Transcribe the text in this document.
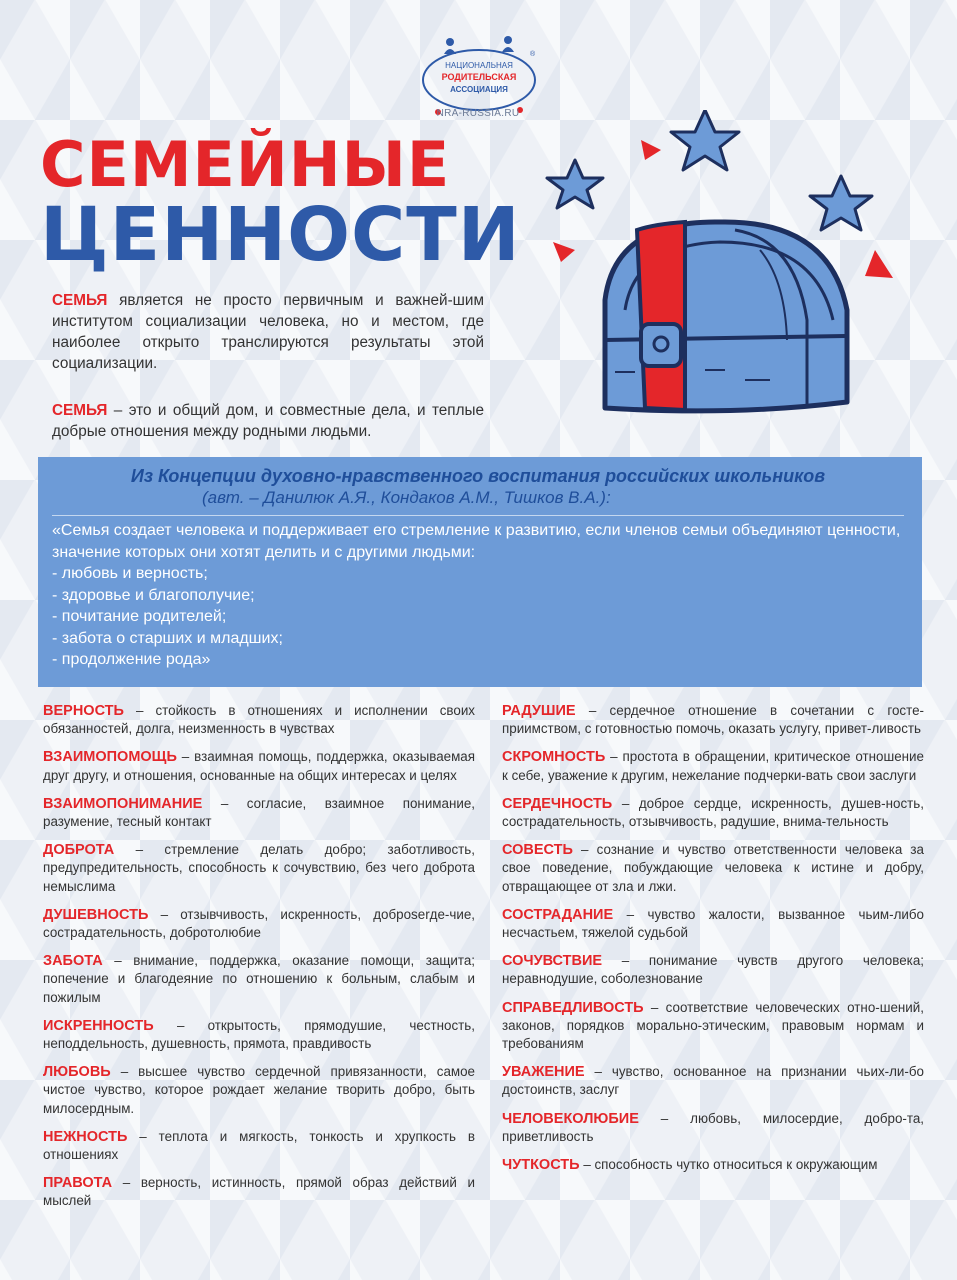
НАЦИОНАЛЬНАЯ
РОДИТЕЛЬСКАЯ
АССОЦИАЦИЯ
®
NRA-RUSSIA.RU
СЕМЕЙНЫЕ
ЦЕННОСТИ

СЕМЬЯ является не просто первичным и важней-шим институтом социализации человека, но и местом, где наиболее открыто транслируются результаты этой социализации.

СЕМЬЯ – это и общий дом, и совместные дела, и теплые добрые отношения между родными людьми.

Из Концепции духовно-нравственного воспитания российских школьников

(авт. – Данилюк А.Я., Кондаков А.М., Тишков В.А.):

«Семья создает человека и поддерживает его стремление к развитию, если членов семьи объединяют ценности, значение которых они хотят делить и с другими людьми:

- любовь и верность;
- здоровье и благополучие;
- почитание родителей;
- забота о старших и младших;
- продолжение рода»

ВЕРНОСТЬ – стойкость в отношениях и исполнении своих обязанностей, долга, неизменность в чувствах

ВЗАИМОПОМОЩЬ – взаимная помощь, поддержка, оказываемая друг другу, и отношения, основанные на общих интересах и целях

ВЗАИМОПОНИМАНИЕ – согласие, взаимное понимание, разумение, тесный контакт

ДОБРОТА – стремление делать добро; заботливость, предупредительность, способность к сочувствию, без чего доброта немыслима

ДУШЕВНОСТЬ – отзывчивость, искренность, доброserде-чие, сострадательность, добротолюбие

ЗАБОТА – внимание, поддержка, оказание помощи, защита; попечение и благодеяние по отношению к больным, слабым и пожилым

ИСКРЕННОСТЬ – открытость, прямодушие, честность, неподдельность, душевность, прямота, правдивость

ЛЮБОВЬ – высшее чувство сердечной привязанности, самое чистое чувство, которое рождает желание творить добро, быть милосердным.

НЕЖНОСТЬ – теплота и мягкость, тонкость и хрупкость в отношениях

ПРАВОТА – верность, истинность, прямой образ действий и мыслей

РАДУШИЕ – сердечное отношение в сочетании с госте-приимством, с готовностью помочь, оказать услугу, привет-ливость

СКРОМНОСТЬ – простота в обращении, критическое отношение к себе, уважение к другим, нежелание подчерки-вать свои заслуги

СЕРДЕЧНОСТЬ – доброе сердце, искренность, душев-ность, сострадательность, отзывчивость, радушие, внима-тельность

СОВЕСТЬ – сознание и чувство ответственности человека за свое поведение, побуждающие человека к истине и добру, отвращающее от зла и лжи.

СОСТРАДАНИЕ – чувство жалости, вызванное чьим-либо несчастьем, тяжелой судьбой

СОЧУВСТВИЕ – понимание чувств другого человека; неравнодушие, соболезнование

СПРАВЕДЛИВОСТЬ – соответствие человеческих отно-шений, законов, порядков морально-этическим, правовым нормам и требованиям

УВАЖЕНИЕ – чувство, основанное на признании чьих-ли-бо достоинств, заслуг

ЧЕЛОВЕКОЛЮБИЕ – любовь, милосердие, добро-та, приветливость

ЧУТКОСТЬ – способность чутко относиться к окружающим
